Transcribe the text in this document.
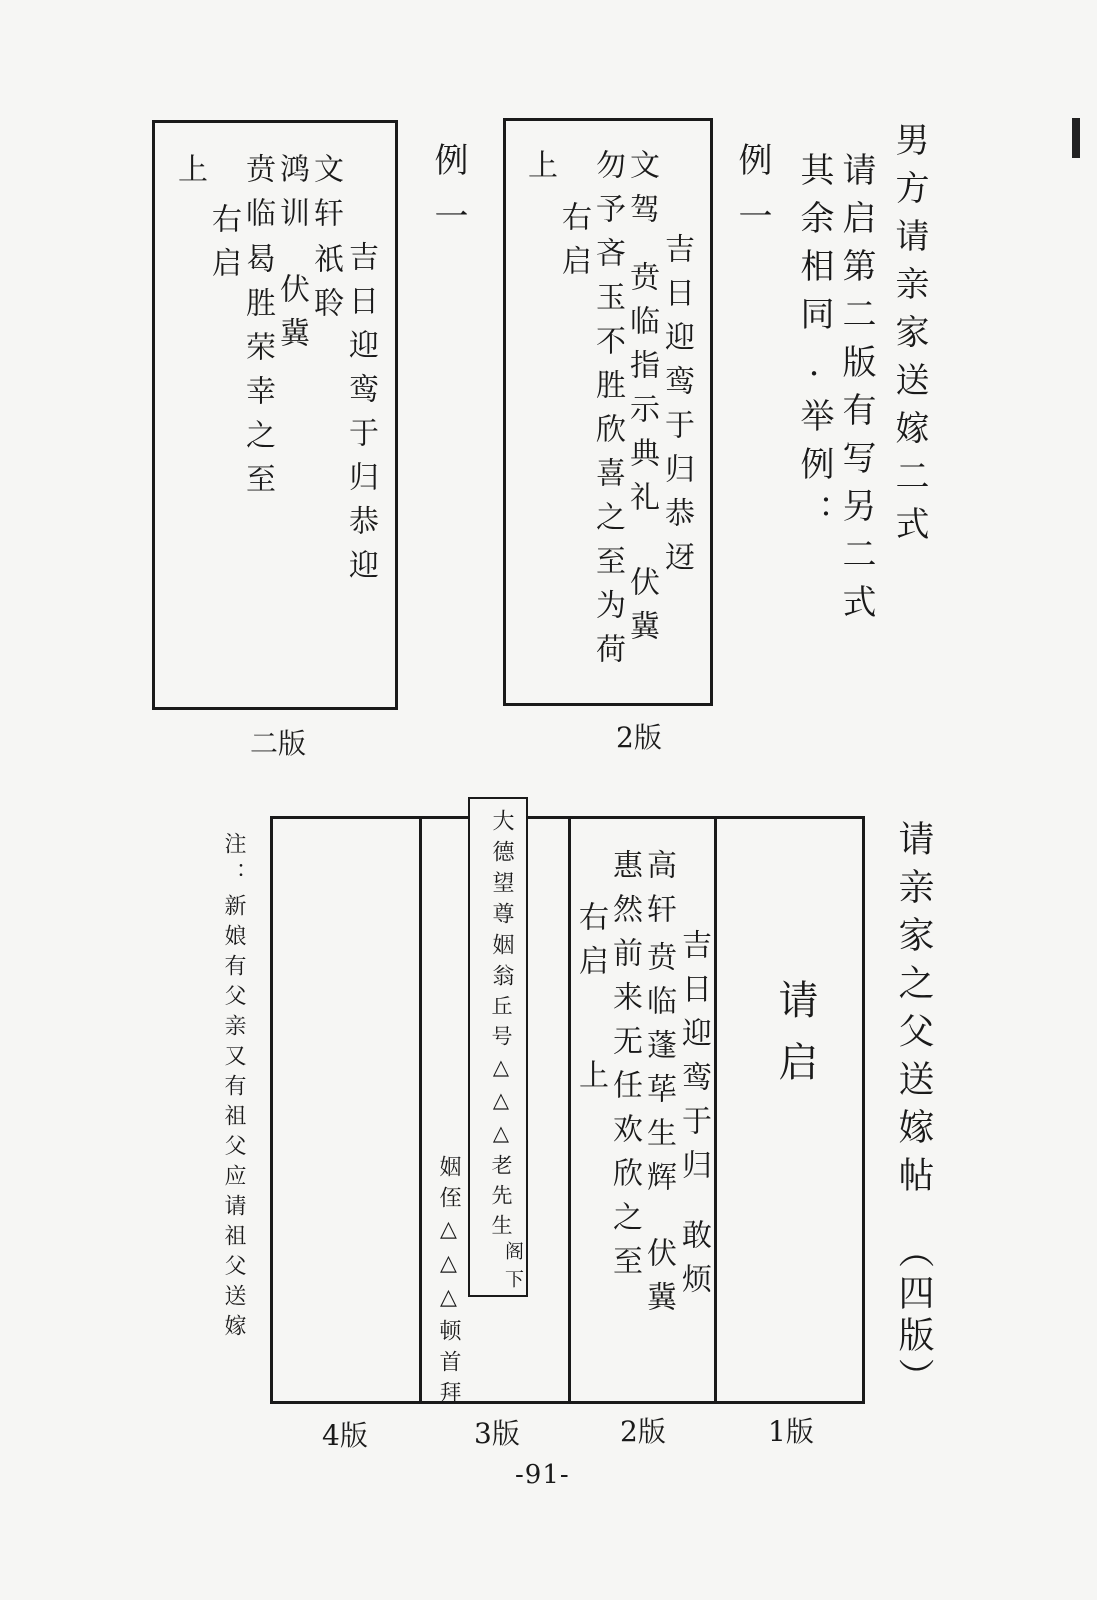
男方请亲家送嫁二式
请启第二版有写另二式
其余相同.举例：
例一
吉日迎鸾于归恭迓
文驾
贲临指示典礼
伏冀
勿予吝玉不胜欣喜之至为荷
右启
上
2版
例一
吉日迎鸾于归恭迎
文轩
祇聆
鸿训
伏冀
贲临
曷胜荣幸之至
右启
上
二版
请亲家之父送嫁帖
（四版）
请启
吉日迎鸾于归
敢烦
高轩
贲临蓬荜生辉
伏冀
惠然前来无任欢欣之至
右启
上
姻侄△△△顿首拜
大德望尊姻翁
丘号△△△老先生
阁下
4版	3版	2版	1版
注：
新娘有父亲又有祖父应请祖父送嫁
-91-
